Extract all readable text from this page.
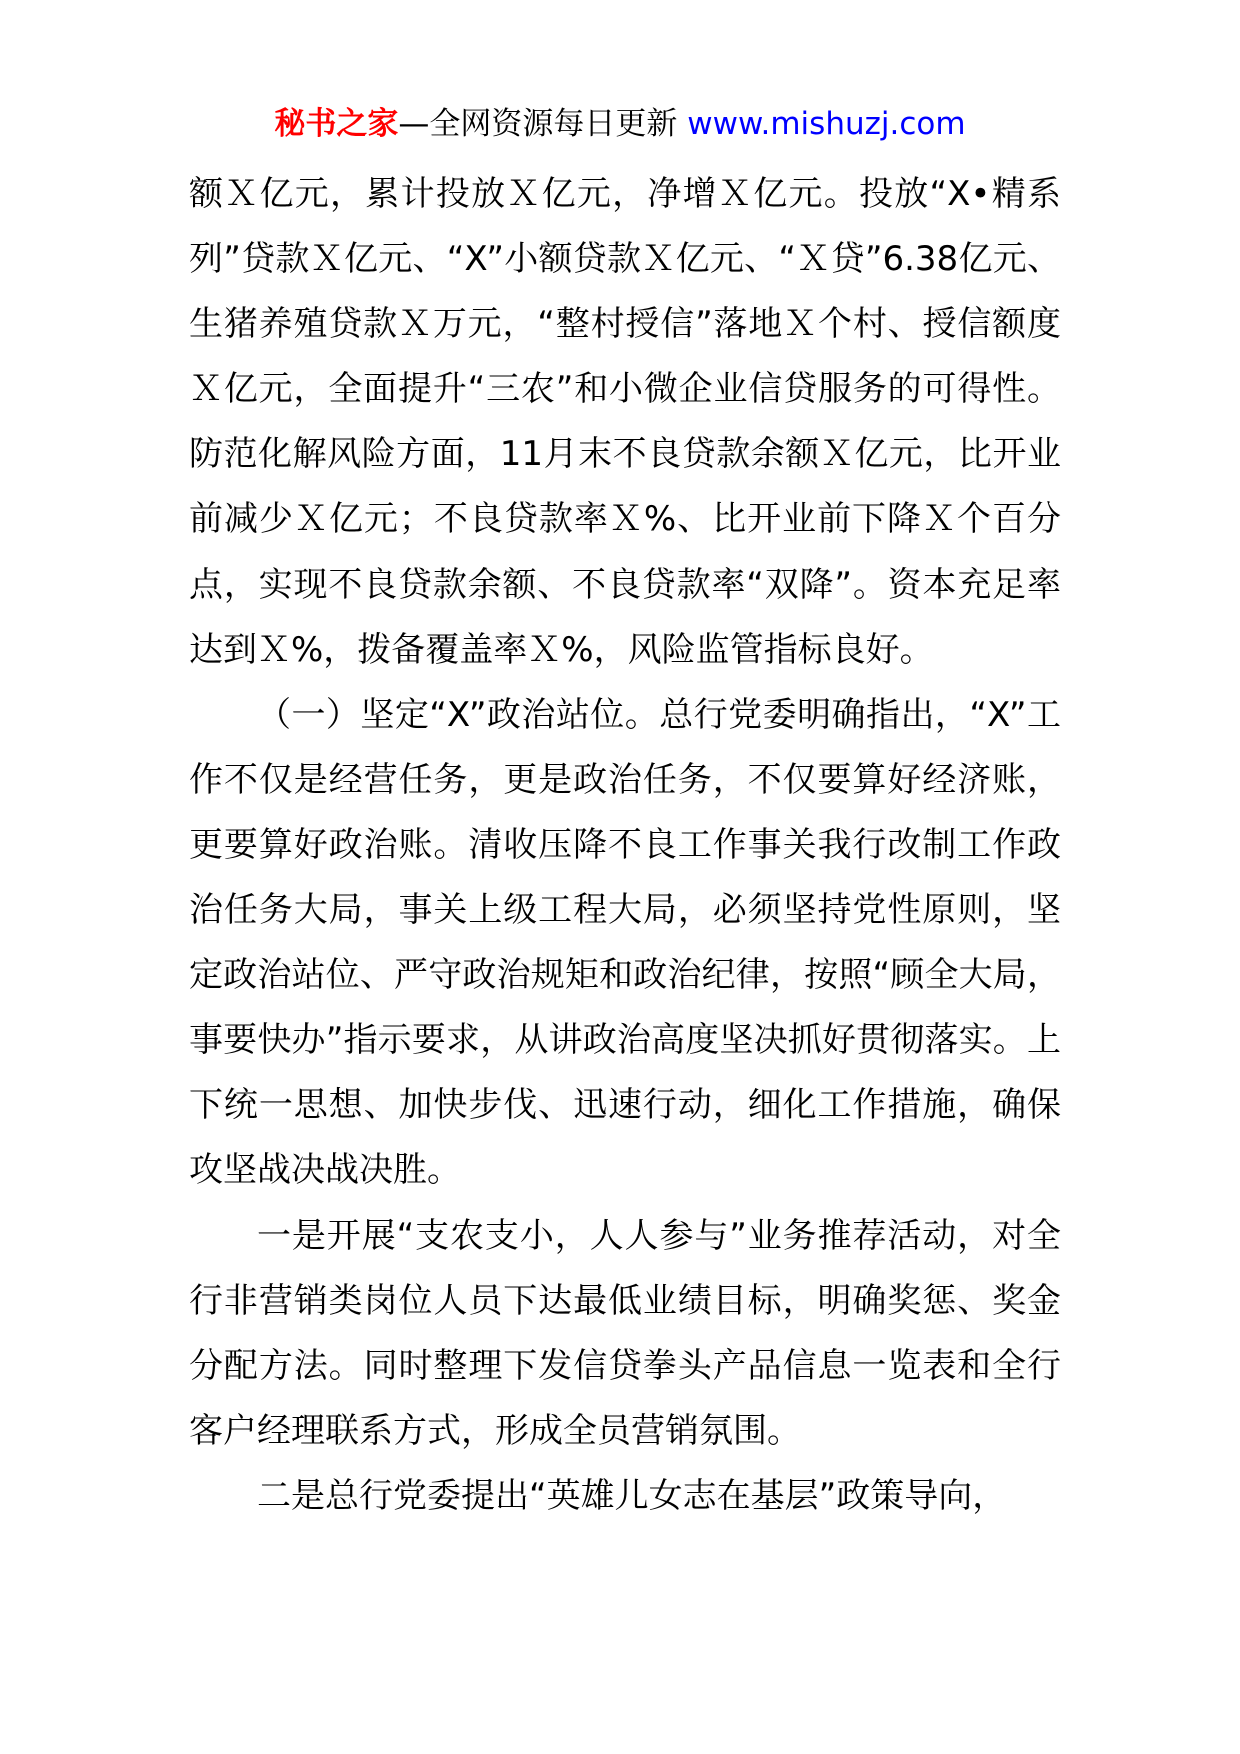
秘书之家—全网资源每日更新 www.mishuzj.com

额Ｘ亿元，累计投放Ｘ亿元，净增Ｘ亿元。投放“X•精系列”贷款Ｘ亿元、“X”小额贷款Ｘ亿元、“Ｘ贷”6.38亿元、生猪养殖贷款Ｘ万元，“整村授信”落地Ｘ个村、授信额度Ｘ亿元，全面提升“三农”和小微企业信贷服务的可得性。防范化解风险方面，11月末不良贷款余额Ｘ亿元，比开业前减少Ｘ亿元；不良贷款率Ｘ%、比开业前下降Ｘ个百分点，实现不良贷款余额、不良贷款率“双降”。资本充足率达到Ｘ%，拨备覆盖率Ｘ%，风险监管指标良好。

（一）坚定“X”政治站位。总行党委明确指出，“X”工作不仅是经营任务，更是政治任务，不仅要算好经济账，更要算好政治账。清收压降不良工作事关我行改制工作政治任务大局，事关上级工程大局，必须坚持党性原则，坚定政治站位、严守政治规矩和政治纪律，按照“顾全大局，事要快办”指示要求，从讲政治高度坚决抓好贯彻落实。上下统一思想、加快步伐、迅速行动，细化工作措施，确保攻坚战决战决胜。

一是开展“支农支小，人人参与”业务推荐活动，对全行非营销类岗位人员下达最低业绩目标，明确奖惩、奖金分配方法。同时整理下发信贷拳头产品信息一览表和全行客户经理联系方式，形成全员营销氛围。

二是总行党委提出“英雄儿女志在基层”政策导向，
